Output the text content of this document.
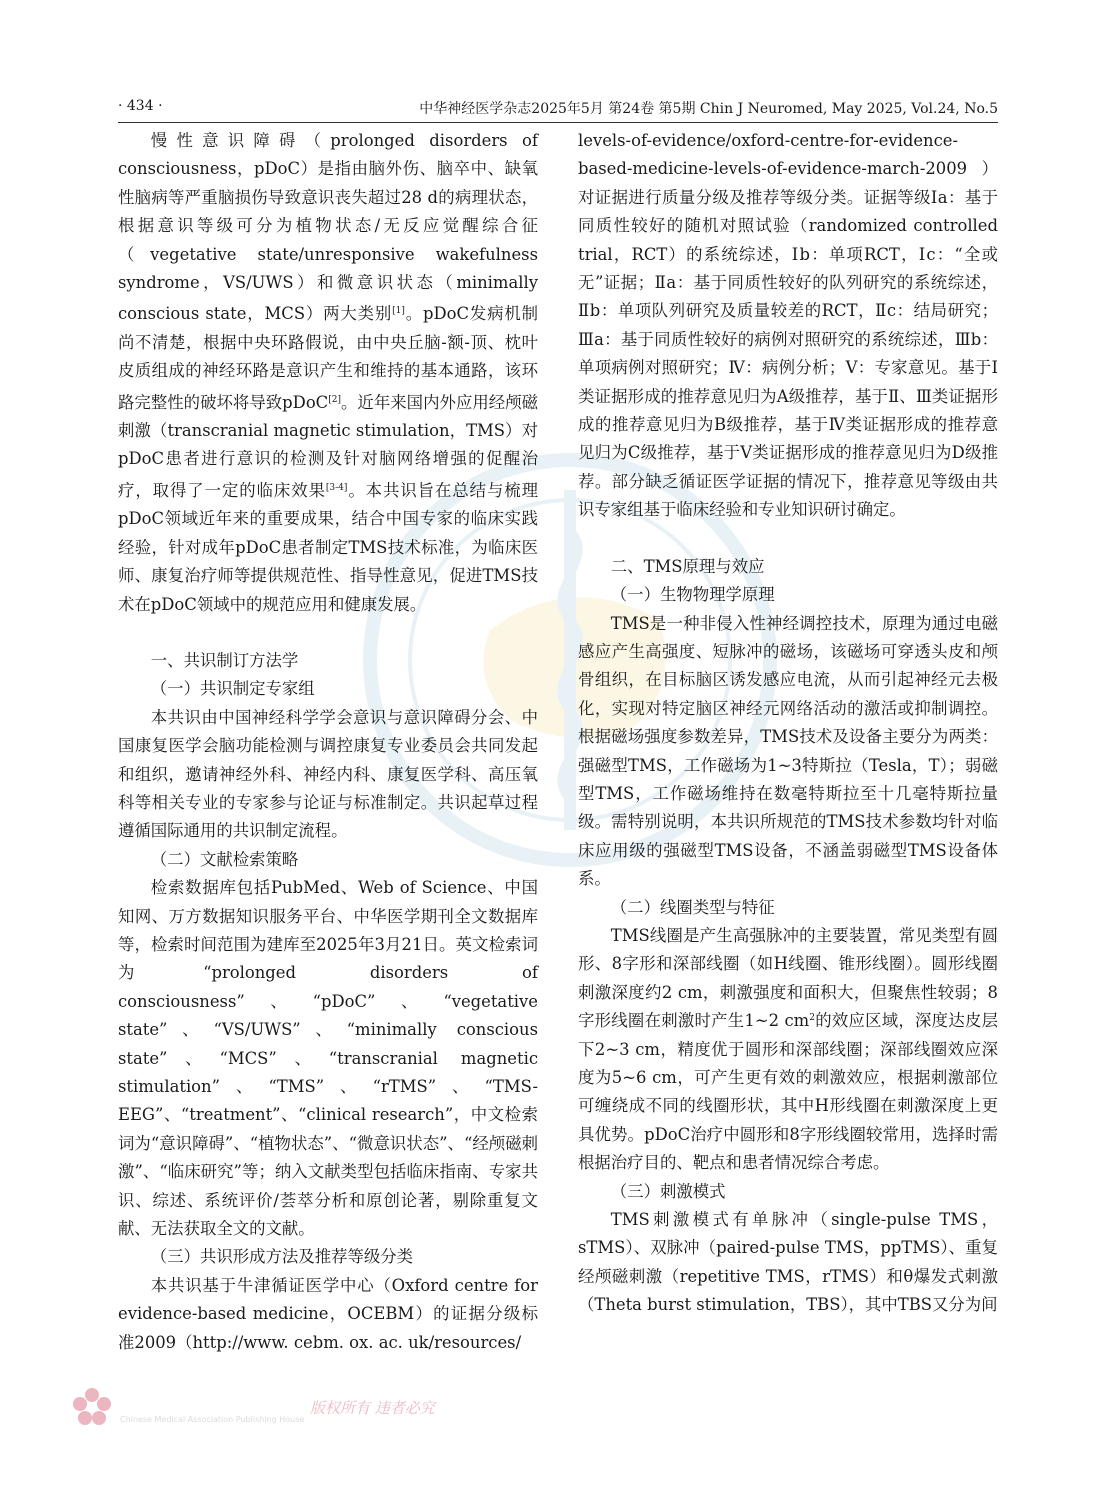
· 434 ·	中华神经医学杂志2025年5月 第24卷 第5期 Chin J Neuromed, May 2025, Vol.24, No.5

慢性意识障碍（prolonged disorders of consciousness，pDoC）是指由脑外伤、脑卒中、缺氧性脑病等严重脑损伤导致意识丧失超过28 d的病理状态，根据意识等级可分为植物状态/无反应觉醒综合征（vegetative state/unresponsive wakefulness syndrome，VS/UWS）和微意识状态（minimally conscious state，MCS）两大类别[1]。pDoC发病机制尚不清楚，根据中央环路假说，由中央丘脑-额-顶、枕叶皮质组成的神经环路是意识产生和维持的基本通路，该环路完整性的破坏将导致pDoC[2]。近年来国内外应用经颅磁刺激（transcranial magnetic stimulation，TMS）对pDoC患者进行意识的检测及针对脑网络增强的促醒治疗，取得了一定的临床效果[3-4]。本共识旨在总结与梳理pDoC领域近年来的重要成果，结合中国专家的临床实践经验，针对成年pDoC患者制定TMS技术标准，为临床医师、康复治疗师等提供规范性、指导性意见，促进TMS技术在pDoC领域中的规范应用和健康发展。

一、共识制订方法学
（一）共识制定专家组

本共识由中国神经科学学会意识与意识障碍分会、中国康复医学会脑功能检测与调控康复专业委员会共同发起和组织，邀请神经外科、神经内科、康复医学科、高压氧科等相关专业的专家参与论证与标准制定。共识起草过程遵循国际通用的共识制定流程。

（二）文献检索策略

检索数据库包括PubMed、Web of Science、中国知网、万方数据知识服务平台、中华医学期刊全文数据库等，检索时间范围为建库至2025年3月21日。英文检索词为“prolonged disorders of consciousness”、“pDoC”、“vegetative state”、“VS/UWS”、“minimally conscious state”、“MCS”、“transcranial magnetic stimulation”、“TMS”、“rTMS”、“TMS-EEG”、“treatment”、“clinical research”，中文检索词为“意识障碍”、“植物状态”、“微意识状态”、“经颅磁刺激”、“临床研究”等；纳入文献类型包括临床指南、专家共识、综述、系统评价/荟萃分析和原创论著，剔除重复文献、无法获取全文的文献。

（三）共识形成方法及推荐等级分类

本共识基于牛津循证医学中心（Oxford centre for evidence-based medicine，OCEBM）的证据分级标准2009（http://www. cebm. ox. ac. uk/resources/

levels-of-evidence/oxford-centre-for-evidence-based-medicine-levels-of-evidence-march-2009）对证据进行质量分级及推荐等级分类。证据等级Ⅰa：基于同质性较好的随机对照试验（randomized controlled trial，RCT）的系统综述，Ⅰb：单项RCT，Ⅰc：“全或无”证据；Ⅱa：基于同质性较好的队列研究的系统综述，Ⅱb：单项队列研究及质量较差的RCT，Ⅱc：结局研究；Ⅲa：基于同质性较好的病例对照研究的系统综述，Ⅲb：单项病例对照研究；Ⅳ：病例分析；Ⅴ：专家意见。基于Ⅰ类证据形成的推荐意见归为A级推荐，基于Ⅱ、Ⅲ类证据形成的推荐意见归为B级推荐，基于Ⅳ类证据形成的推荐意见归为C级推荐，基于Ⅴ类证据形成的推荐意见归为D级推荐。部分缺乏循证医学证据的情况下，推荐意见等级由共识专家组基于临床经验和专业知识研讨确定。

二、TMS原理与效应
（一）生物物理学原理

TMS是一种非侵入性神经调控技术，原理为通过电磁感应产生高强度、短脉冲的磁场，该磁场可穿透头皮和颅骨组织，在目标脑区诱发感应电流，从而引起神经元去极化，实现对特定脑区神经元网络活动的激活或抑制调控。根据磁场强度参数差异，TMS技术及设备主要分为两类：强磁型TMS，工作磁场为1~3特斯拉（Tesla，T）；弱磁型TMS，工作磁场维持在数毫特斯拉至十几毫特斯拉量级。需特别说明，本共识所规范的TMS技术参数均针对临床应用级的强磁型TMS设备，不涵盖弱磁型TMS设备体系。

（二）线圈类型与特征

TMS线圈是产生高强脉冲的主要装置，常见类型有圆形、8字形和深部线圈（如H线圈、锥形线圈）。圆形线圈刺激深度约2 cm，刺激强度和面积大，但聚焦性较弱；8字形线圈在刺激时产生1~2 $cm^2$的效应区域，深度达皮层下2~3 cm，精度优于圆形和深部线圈；深部线圈效应深度为5~6 cm，可产生更有效的刺激效应，根据刺激部位可缠绕成不同的线圈形状，其中H形线圈在刺激深度上更具优势。pDoC治疗中圆形和8字形线圈较常用，选择时需根据治疗目的、靶点和患者情况综合考虑。

（三）刺激模式

TMS刺激模式有单脉冲（single-pulse TMS，sTMS）、双脉冲（paired-pulse TMS，ppTMS）、重复经颅磁刺激（repetitive TMS，rTMS）和θ爆发式刺激（Theta burst stimulation，TBS），其中TBS又分为间

Chinese Medical Association Publishing House
版权所有 违者必究
